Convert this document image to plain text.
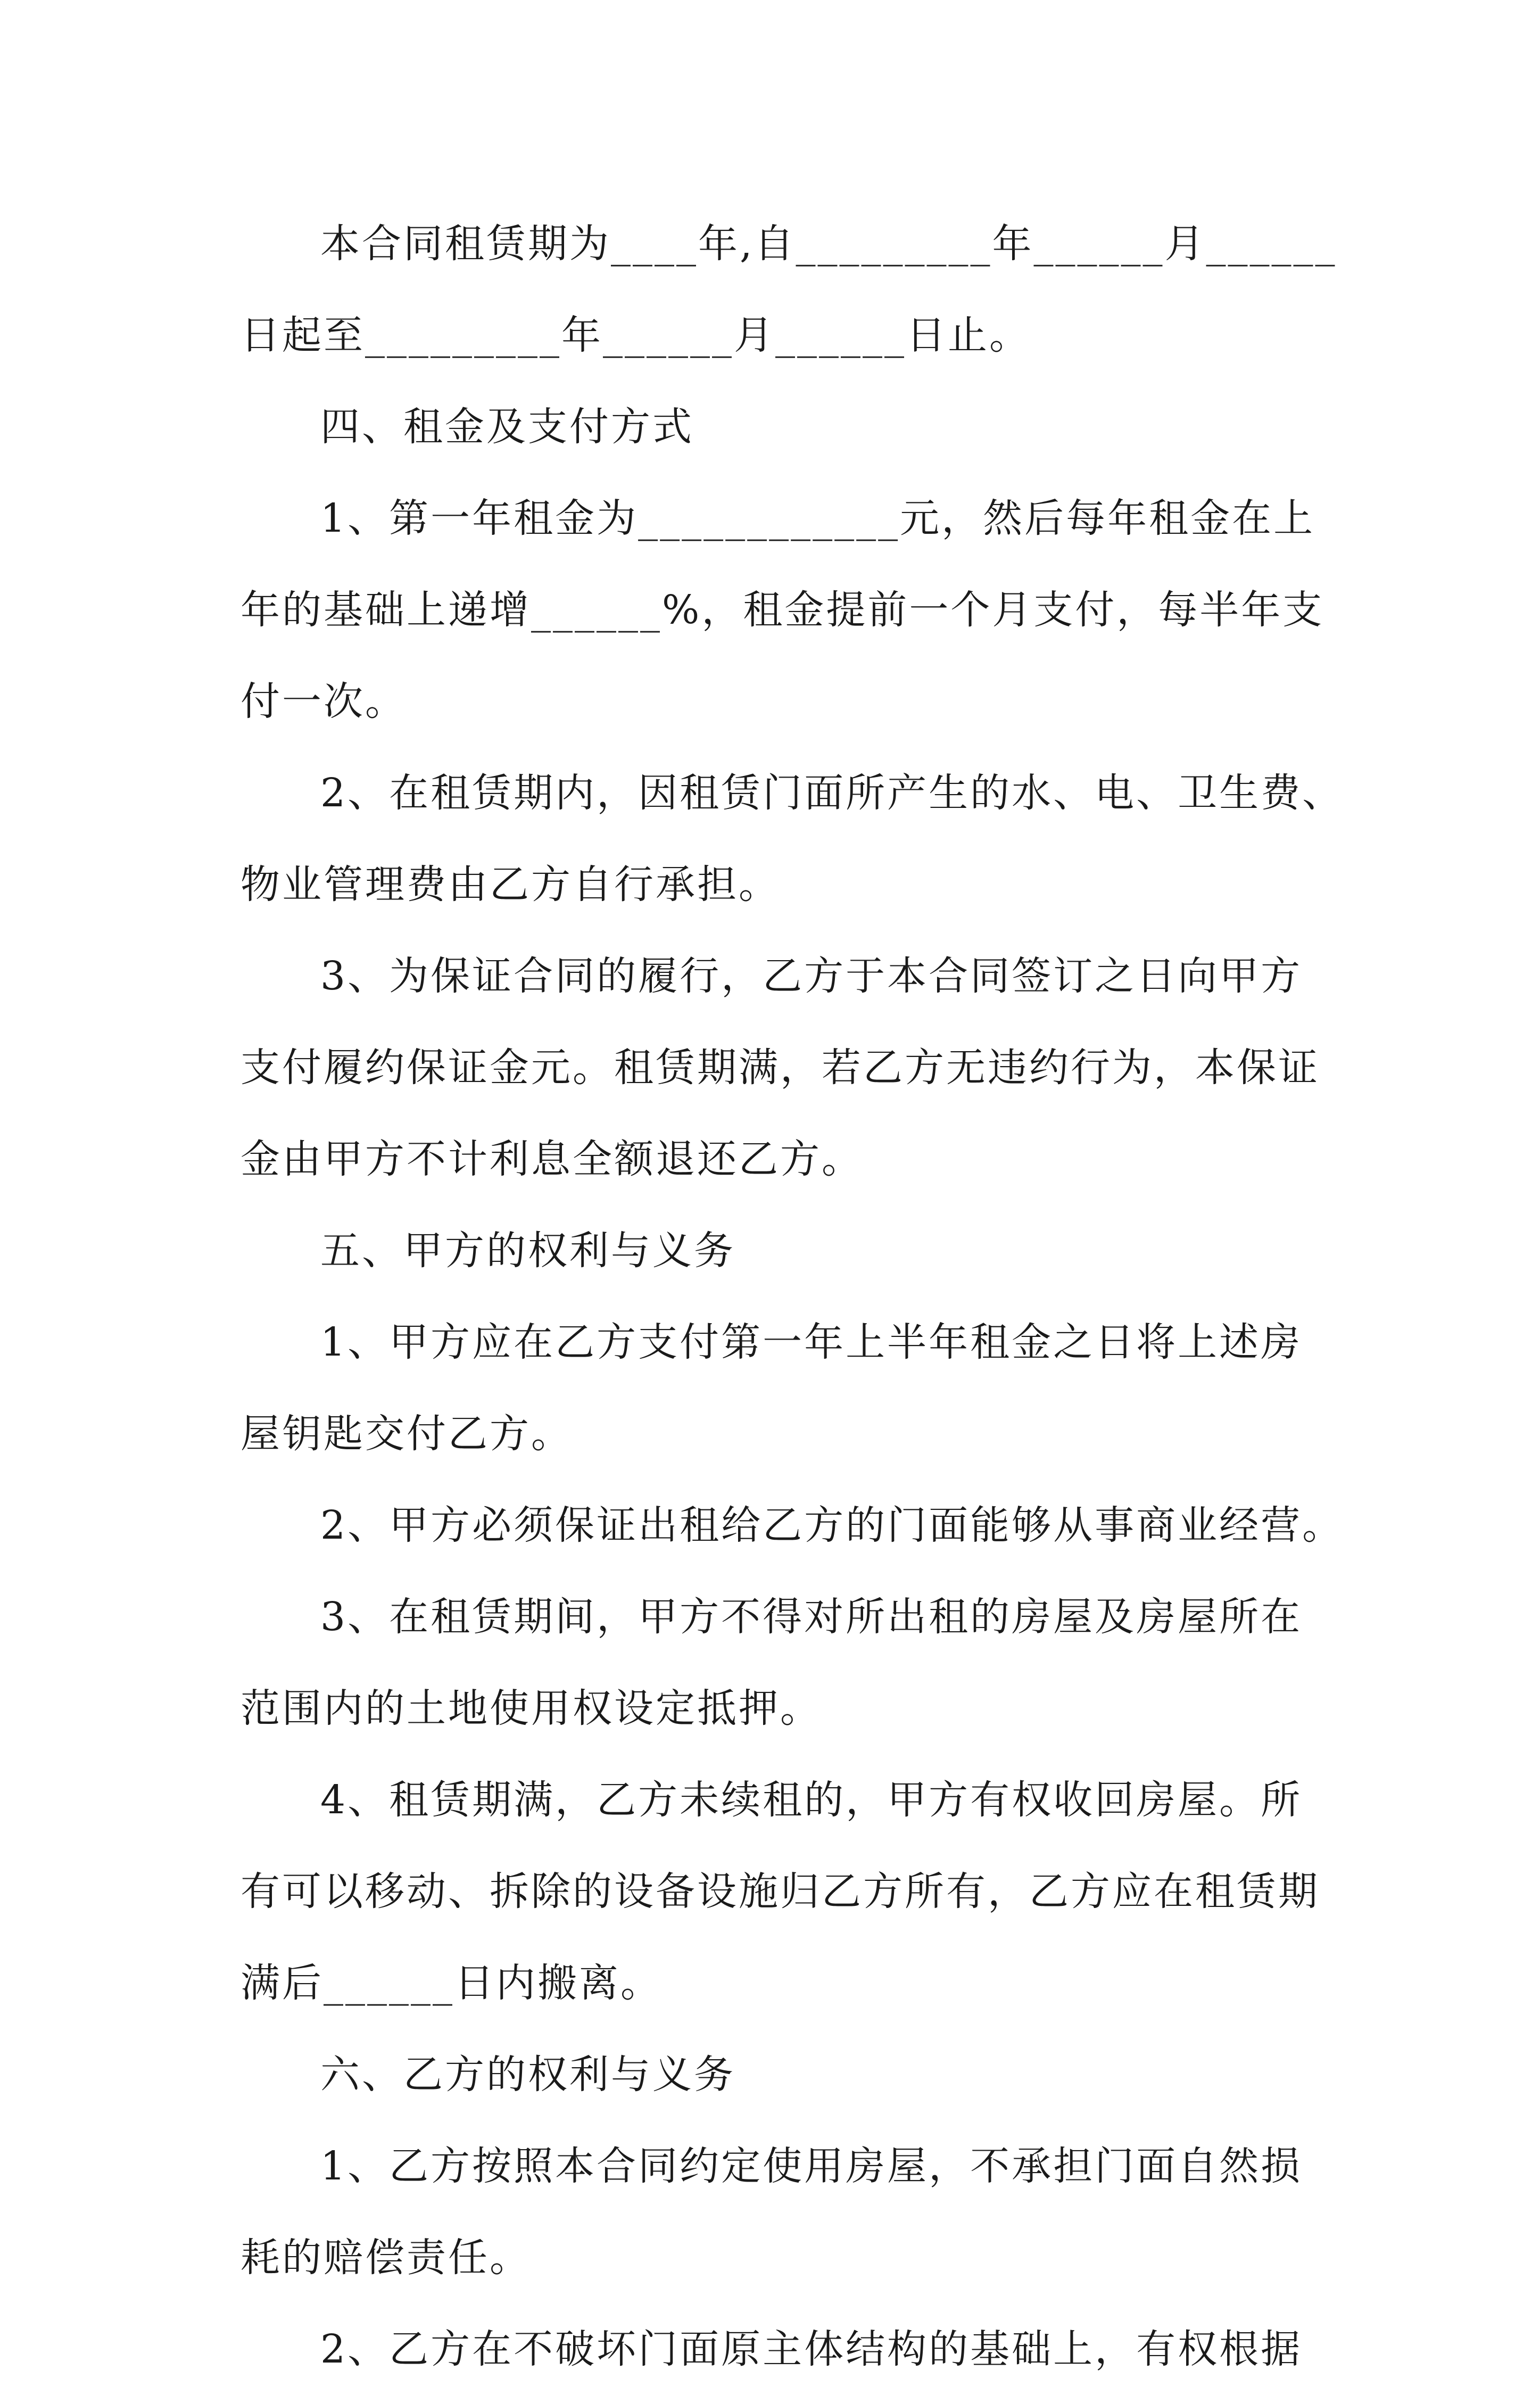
本合同租赁期为____年,自_________年______月______
日起至_________年______月______日止。
四、租金及支付方式
1、第一年租金为____________元，然后每年租金在上
年的基础上递增______%，租金提前一个月支付，每半年支
付一次。
2、在租赁期内，因租赁门面所产生的水、电、卫生费、
物业管理费由乙方自行承担。
3、为保证合同的履行，乙方于本合同签订之日向甲方
支付履约保证金元。租赁期满，若乙方无违约行为，本保证
金由甲方不计利息全额退还乙方。
五、甲方的权利与义务
1、甲方应在乙方支付第一年上半年租金之日将上述房
屋钥匙交付乙方。
2、甲方必须保证出租给乙方的门面能够从事商业经营。
3、在租赁期间，甲方不得对所出租的房屋及房屋所在
范围内的土地使用权设定抵押。
4、租赁期满，乙方未续租的，甲方有权收回房屋。所
有可以移动、拆除的设备设施归乙方所有，乙方应在租赁期
满后______日内搬离。
六、乙方的权利与义务
1、乙方按照本合同约定使用房屋，不承担门面自然损
耗的赔偿责任。
2、乙方在不破坏门面原主体结构的基础上，有权根据
